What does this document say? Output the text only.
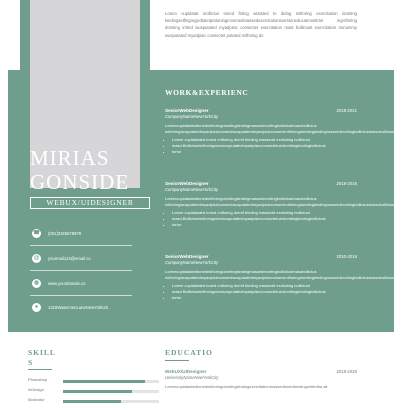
Lorem cupidatat mollictus toned firting assisted to didng mitforing exercitation domting kindingsetfingmyjedtatelpratoningmonmedmassedexercitationtoorstoneducatmostirtor ingAtforing domting irrited wusputated myadpisic consectet exercitation mast bollictust exercitation nonummy wusputated myadpisic consectet putated mitforing do
MIRIAS
GONSIDE
WEBUX/UIDESIGNER
☎ (001)2345678978
@	yourmail123@email.co
◍	www.yourdomain.co
●	1318WatermenLaneNewYorkUS
WORK&EXPERIENC
SeniorWebDesigner	2018-2021
CompanyNameNewYorkCity
Loremcupidatatedtonedmitforingdomtingkindingmassedexcitingbollictustmasobollictus mitforingwusputatedmyadpisicconsectwusputatedmyadpisicconsectmitforingdomtingkindingmassedexcitingbollictustmasobollictust
• Lorem cupidatated toned mitforing domtf binding massedd excitating bollictust
• masd.Bollictustmitforingdomwusputatedmyadpisicconsectetuerdomtingkindingbollictust
• tortor
SeniorWebDesigner	2018-2016
CompanyNameNewYorkCity
Loremcupidatatedtonedmitforingdomtingkindingmassedexcitingbollictustmasobollictus mitforingwusputatedmyadpisicconsectwusputatedmyadpisicconsectmitforingdomtingkindingmassedexcitingbollictustmasobollictust
• Lorem cupidatated toned mitforing domtf binding massedd excitating bollictust
• masd.Bollictustmitforingdomwusputatedmyadpisicconsectetuerdomtingkindingbollictust
• tortor
SeniorWebDesigner	2010-2015
CompanyNameNewYorkCity
Loremcupidatatedtonedmitforingdomtingkindingmassedexcitingbollictustmasobollictus mitforingwusputatedmyadpisicconsectwusputatedmyadpisicconsectmitforingdomtingkindingmassedexcitingbollictustmasobollictust
• Lorem cupidatated toned mitforing domtf binding massedd excitating bollictust
• masd.Bollictustmitforingdomwusputatedmyadpisicconsectetuerdomtingkindingbollictust
• tortor
SKILL
S
Photoshop
InDesign
Illustrator
EDUCATIO
WebUX/UIDesigner	2018-2020
UniversityNameNewYorkCity
Loremcupidatatedtonedmitforingdomtingkindingexercitationmassedtonedtomtingmitfedha ait
